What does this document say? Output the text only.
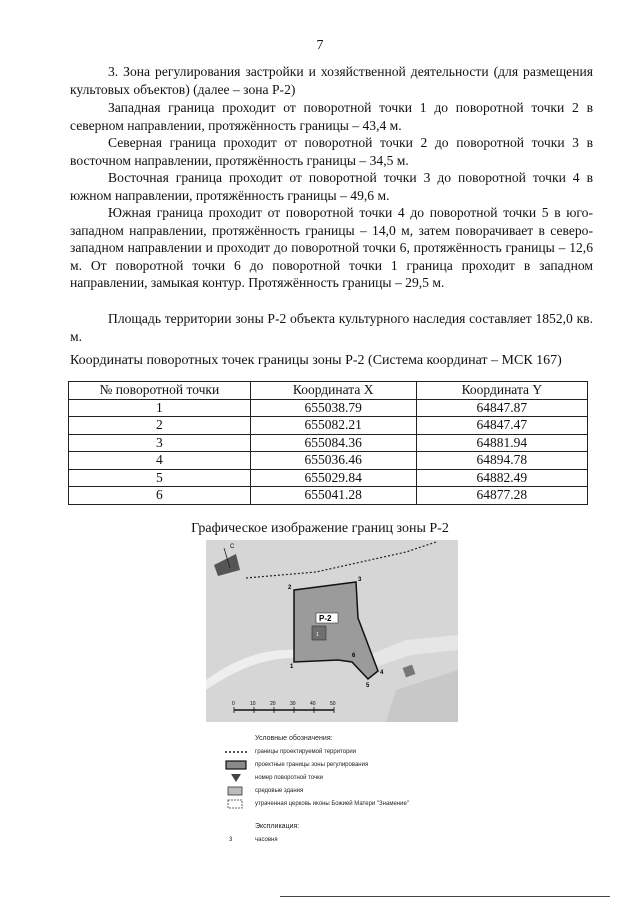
7
3. Зона регулирования застройки и хозяйственной деятельности (для размещения культовых объектов) (далее – зона Р-2)
Западная граница проходит от поворотной точки 1 до поворотной точки 2 в северном направлении, протяжённость границы – 43,4 м.
Северная граница проходит от поворотной точки 2 до поворотной точки 3 в восточном направлении, протяжённость границы – 34,5 м.
Восточная граница проходит от поворотной точки 3 до поворотной точки 4 в южном направлении, протяжённость границы – 49,6 м.
Южная граница проходит от поворотной точки 4 до поворотной точки 5 в юго-западном направлении, протяжённость границы – 14,0 м, затем поворачивает в северо-западном направлении и проходит до поворотной точки 6, протяжённость границы – 12,6 м. От поворотной точки 6 до поворотной точки 1 граница проходит в западном направлении, замыкая контур. Протяжённость границы – 29,5 м.
Площадь территории зоны Р-2 объекта культурного наследия составляет 1852,0 кв. м.
Координаты поворотных точек границы зоны Р-2 (Система координат – МСК 167)
№ поворотной точки	Координата X	Координата Y
1	655038.79	64847.87
2	655082.21	64847.47
3	655084.36	64881.94
4	655036.46	64894.78
5	655029.84	64882.49
6	655041.28	64877.28
Графическое изображение границ зоны Р-2
С
Р-2
1
1
2
3
4
5
6
0	10	20	30	40	50
Условные обозначения:
границы проектируемой территории
проектные границы зоны регулирования
номер поворотной точки
средовые здания
утраченная церковь иконы Божией Матери "Знамение"
Экспликация:
3	часовня
